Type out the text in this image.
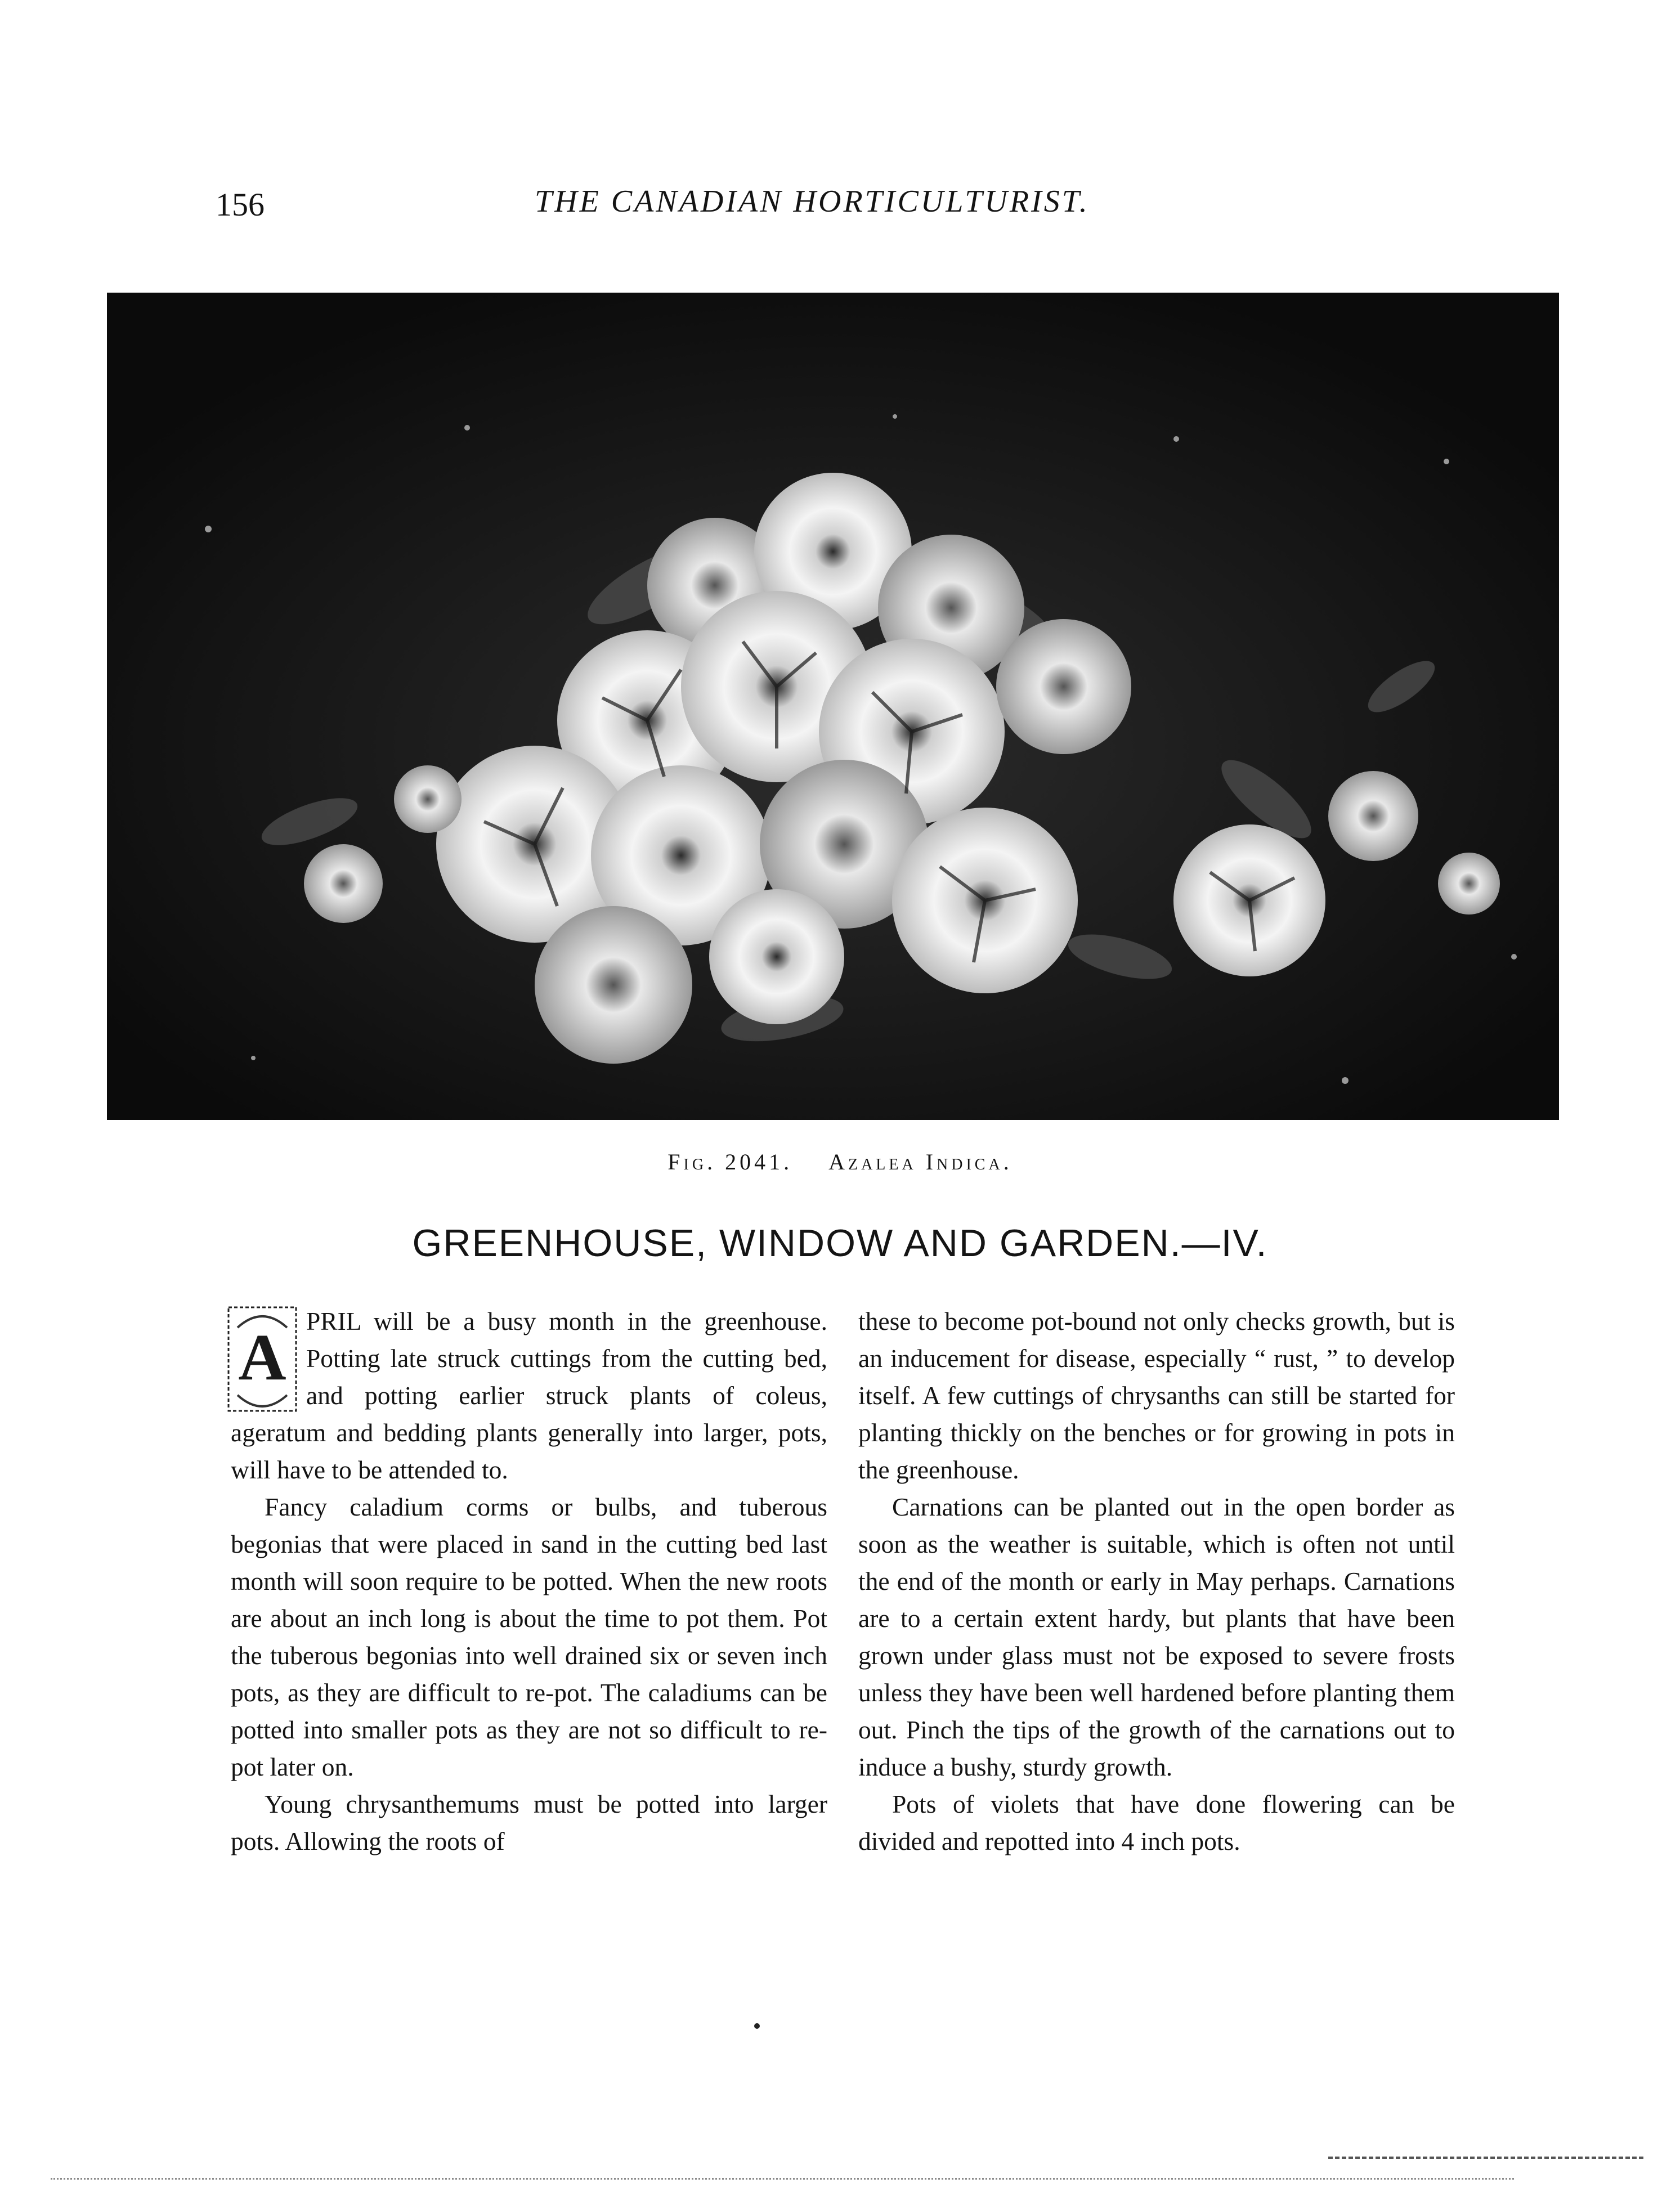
156	THE CANADIAN HORTICULTURIST.
Fig. 2041. Azalea Indica.
GREENHOUSE, WINDOW AND GARDEN.—IV.
A PRIL will be a busy month in the greenhouse. Potting late struck cuttings from the cutting bed, and potting earlier struck plants of coleus, ageratum and bedding plants generally into larger, pots, will have to be attended to.

Fancy caladium corms or bulbs, and tuberous begonias that were placed in sand in the cutting bed last month will soon require to be potted. When the new roots are about an inch long is about the time to pot them. Pot the tuberous begonias into well drained six or seven inch pots, as they are difficult to re-pot. The caladiums can be potted into smaller pots as they are not so difficult to re-pot later on.

Young chrysanthemums must be potted into larger pots. Allowing the roots of

these to become pot-bound not only checks growth, but is an inducement for disease, especially “ rust, ” to develop itself. A few cuttings of chrysanths can still be started for planting thickly on the benches or for growing in pots in the greenhouse.

Carnations can be planted out in the open border as soon as the weather is suitable, which is often not until the end of the month or early in May perhaps. Carnations are to a certain extent hardy, but plants that have been grown under glass must not be exposed to severe frosts unless they have been well hardened before planting them out. Pinch the tips of the growth of the carnations out to induce a bushy, sturdy growth.

Pots of violets that have done flowering can be divided and repotted into 4 inch pots.
